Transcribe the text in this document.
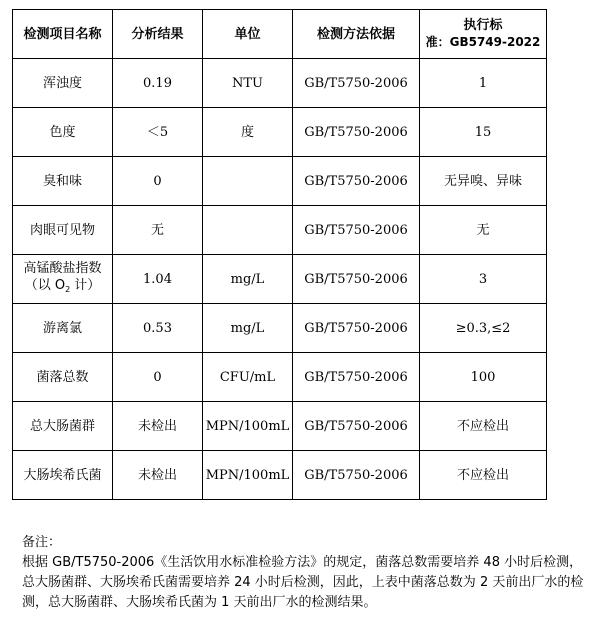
检测项目名称	分析结果	单位	检测方法依据	执行标
准：GB5749-2022
浑浊度	0.19	NTU	GB/T5750-2006	1
色度	＜5	度	GB/T5750-2006	15
臭和味	0		GB/T5750-2006	无异嗅、异味
肉眼可见物	无		GB/T5750-2006	无
高锰酸盐指数
（以 $O_2$ 计）	1.04	mg/L	GB/T5750-2006	3
游离氯	0.53	mg/L	GB/T5750-2006	≥0.3,≤2
菌落总数	0	CFU/mL	GB/T5750-2006	100
总大肠菌群	未检出	MPN/100mL	GB/T5750-2006	不应检出
大肠埃希氏菌	未检出	MPN/100mL	GB/T5750-2006	不应检出
备注：
根据 GB/T5750-2006《生活饮用水标准检验方法》的规定，菌落总数需要培养 48 小时后检测，总大肠菌群、大肠埃希氏菌需要培养 24 小时后检测，因此，上表中菌落总数为 2 天前出厂水的检测，总大肠菌群、大肠埃希氏菌为 1 天前出厂水的检测结果。
